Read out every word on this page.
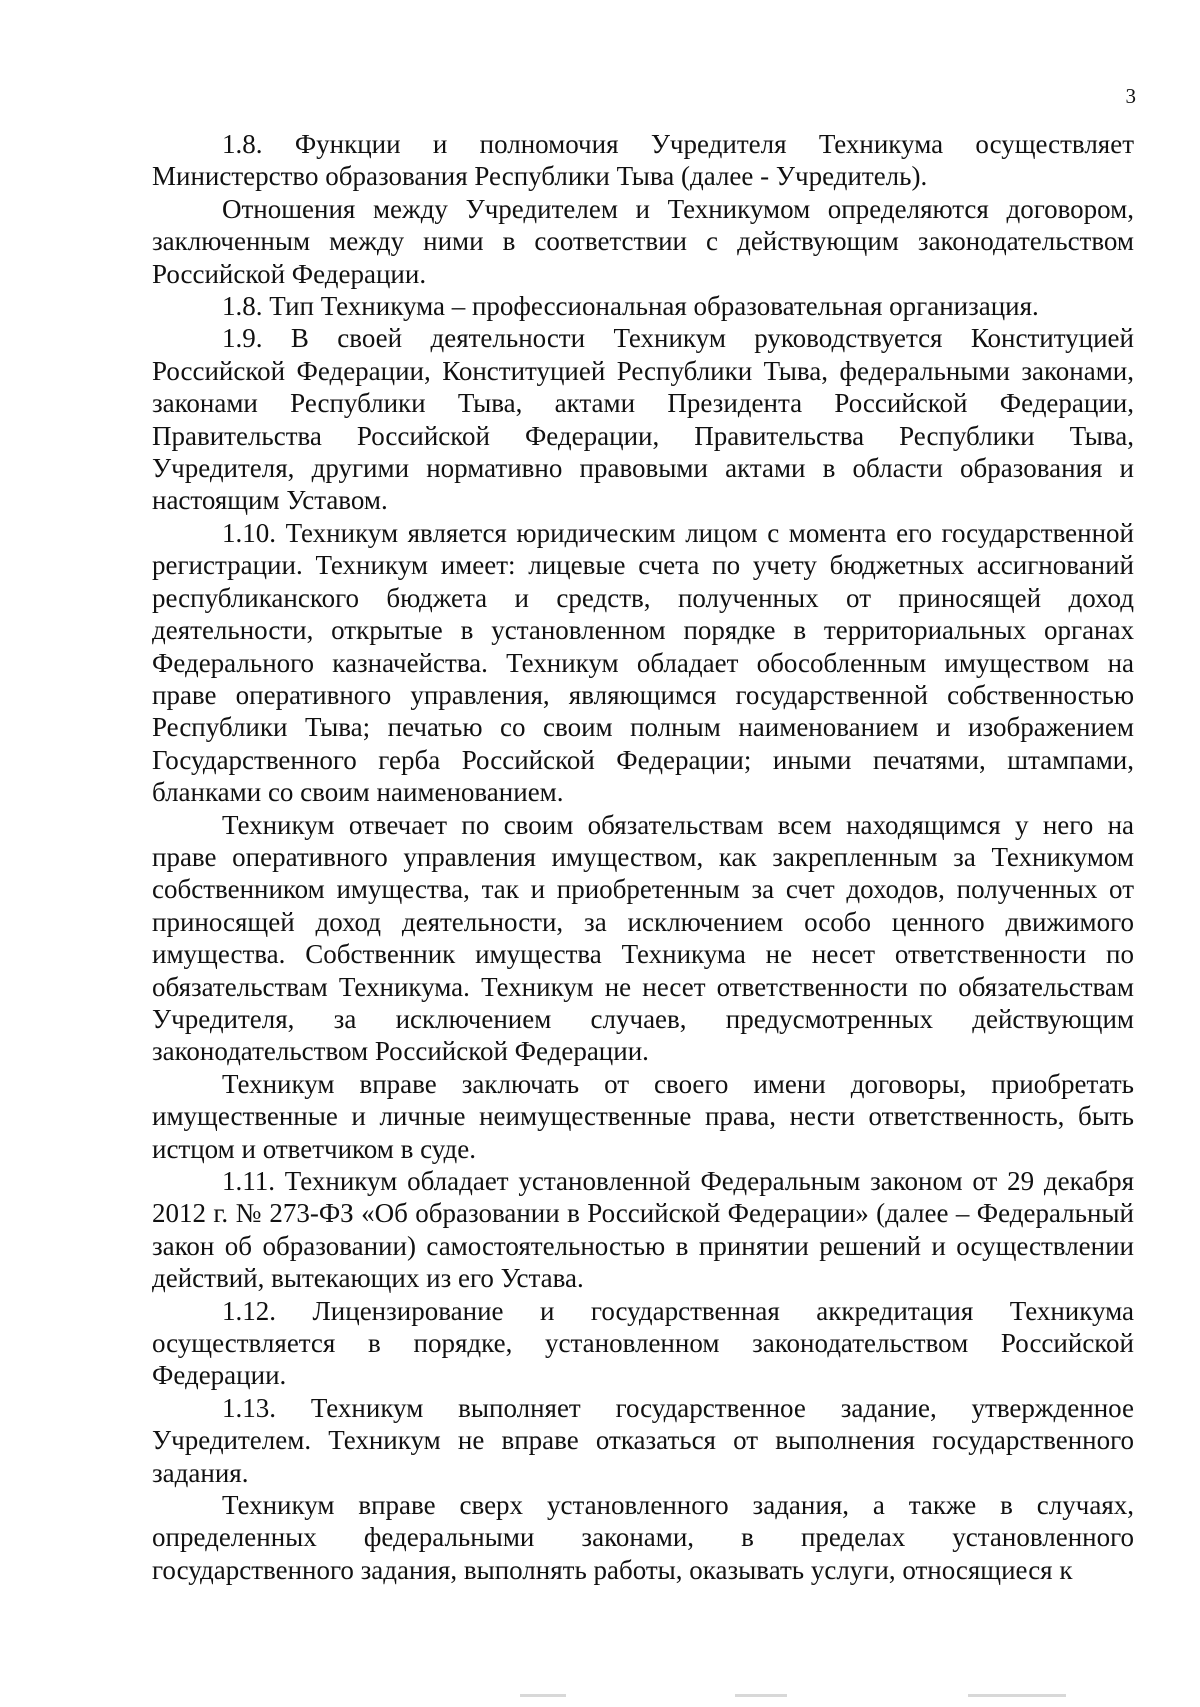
3

1.8. Функции и полномочия Учредителя Техникума осуществляет Министерство образования Республики Тыва (далее - Учредитель).

Отношения между Учредителем и Техникумом определяются договором, заключенным между ними в соответствии с действующим законодательством Российской Федерации.

1.8. Тип Техникума – профессиональная образовательная организация.

1.9. В своей деятельности Техникум руководствуется Конституцией Российской Федерации, Конституцией Республики Тыва, федеральными законами, законами Республики Тыва, актами Президента Российской Федерации, Правительства Российской Федерации, Правительства Республики Тыва, Учредителя, другими нормативно правовыми актами в области образования и настоящим Уставом.

1.10. Техникум является юридическим лицом с момента его государственной регистрации. Техникум имеет: лицевые счета по учету бюджетных ассигнований республиканского бюджета и средств, полученных от приносящей доход деятельности, открытые в установленном порядке в территориальных органах Федерального казначейства. Техникум обладает обособленным имуществом на праве оперативного управления, являющимся государственной собственностью Республики Тыва; печатью со своим полным наименованием и изображением Государственного герба Российской Федерации; иными печатями, штампами, бланками со своим наименованием.

Техникум отвечает по своим обязательствам всем находящимся у него на праве оперативного управления имуществом, как закрепленным за Техникумом собственником имущества, так и приобретенным за счет доходов, полученных от приносящей доход деятельности, за исключением особо ценного движимого имущества. Собственник имущества Техникума не несет ответственности по обязательствам Техникума. Техникум не несет ответственности по обязательствам Учредителя, за исключением случаев, предусмотренных действующим законодательством Российской Федерации.

Техникум вправе заключать от своего имени договоры, приобретать имущественные и личные неимущественные права, нести ответственность, быть истцом и ответчиком в суде.

1.11. Техникум обладает установленной Федеральным законом от 29 декабря 2012 г. № 273-ФЗ «Об образовании в Российской Федерации» (далее – Федеральный закон об образовании) самостоятельностью в принятии решений и осуществлении действий, вытекающих из его Устава.

1.12. Лицензирование и государственная аккредитация Техникума осуществляется в порядке, установленном законодательством Российской Федерации.

1.13. Техникум выполняет государственное задание, утвержденное Учредителем. Техникум не вправе отказаться от выполнения государственного задания.

Техникум вправе сверх установленного задания, а также в случаях, определенных федеральными законами, в пределах установленного государственного задания, выполнять работы, оказывать услуги, относящиеся к
